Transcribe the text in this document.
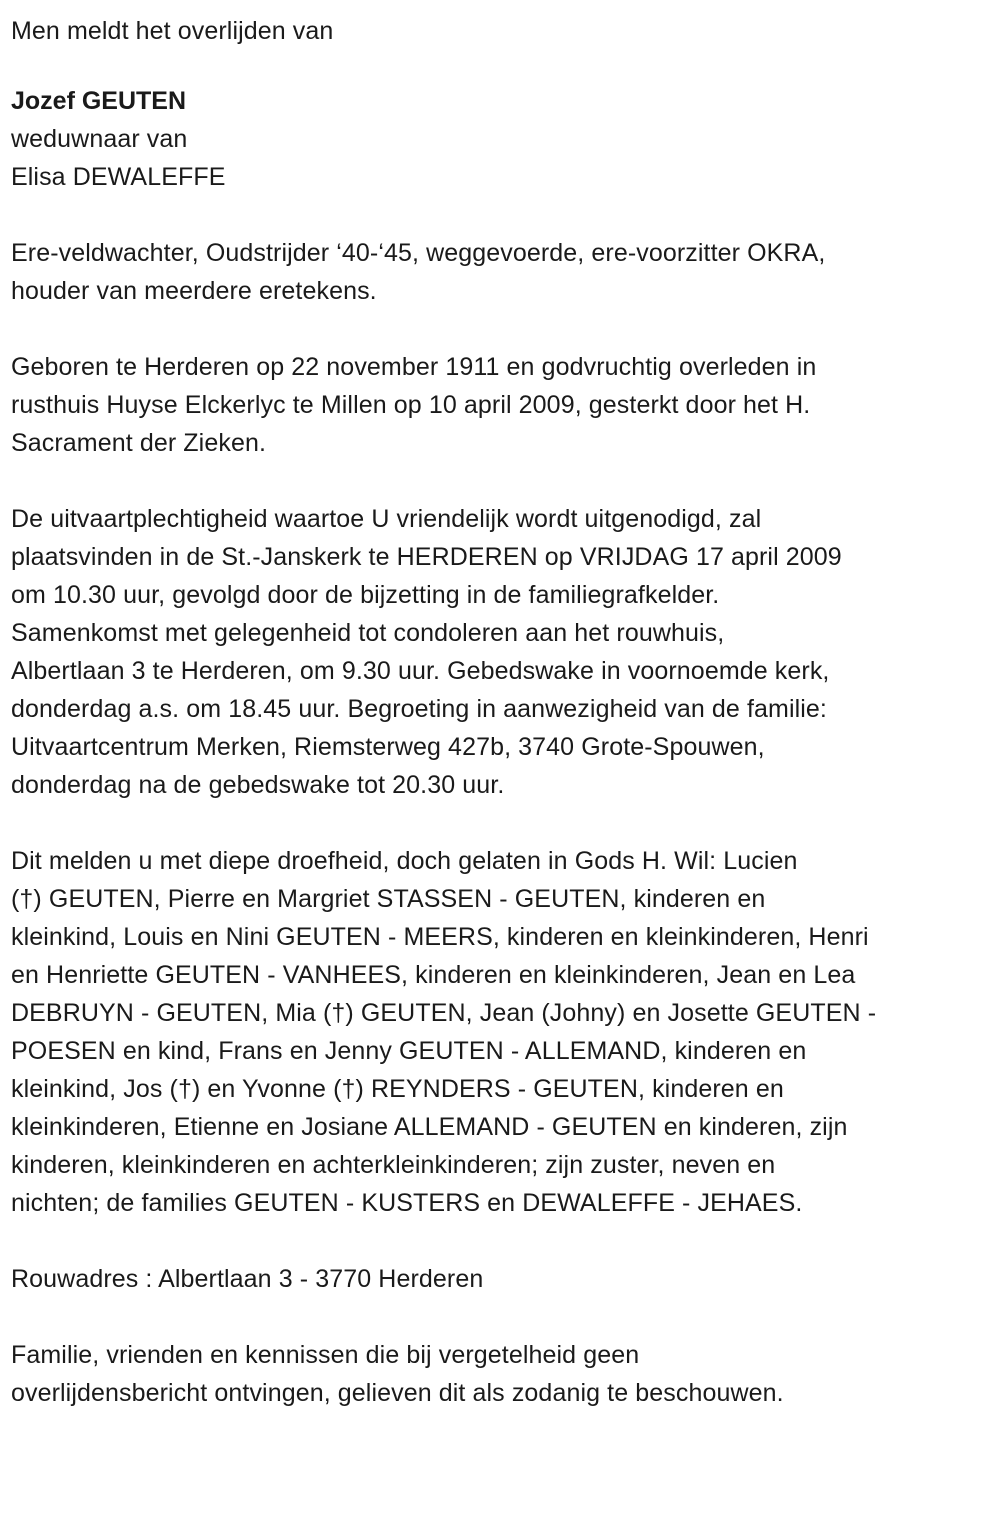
Men meldt het overlijden van
Jozef GEUTEN
weduwnaar van
Elisa DEWALEFFE
Ere-veldwachter, Oudstrijder ‘40-‘45, weggevoerde, ere-voorzitter OKRA,
houder van meerdere eretekens.
Geboren te Herderen op 22 november 1911 en godvruchtig overleden in
rusthuis Huyse Elckerlyc te Millen op 10 april 2009, gesterkt door het H.
Sacrament der Zieken.
De uitvaartplechtigheid waartoe U vriendelijk wordt uitgenodigd, zal
plaatsvinden in de St.-Janskerk te HERDEREN op VRIJDAG 17 april 2009
om 10.30 uur, gevolgd door de bijzetting in de familiegrafkelder.
Samenkomst met gelegenheid tot condoleren aan het rouwhuis,
Albertlaan 3 te Herderen, om 9.30 uur. Gebedswake in voornoemde kerk,
donderdag a.s. om 18.45 uur. Begroeting in aanwezigheid van de familie:
Uitvaartcentrum Merken, Riemsterweg 427b, 3740 Grote-Spouwen,
donderdag na de gebedswake tot 20.30 uur.
Dit melden u met diepe droefheid, doch gelaten in Gods H. Wil: Lucien
(†) GEUTEN, Pierre en Margriet STASSEN - GEUTEN, kinderen en
kleinkind, Louis en Nini GEUTEN - MEERS, kinderen en kleinkinderen, Henri
en Henriette GEUTEN - VANHEES, kinderen en kleinkinderen, Jean en Lea
DEBRUYN - GEUTEN, Mia (†) GEUTEN, Jean (Johny) en Josette GEUTEN -
POESEN en kind, Frans en Jenny GEUTEN - ALLEMAND, kinderen en
kleinkind, Jos (†) en Yvonne (†) REYNDERS - GEUTEN, kinderen en
kleinkinderen, Etienne en Josiane ALLEMAND - GEUTEN en kinderen, zijn
kinderen, kleinkinderen en achterkleinkinderen; zijn zuster, neven en
nichten; de families GEUTEN - KUSTERS en DEWALEFFE - JEHAES.
Rouwadres : Albertlaan 3 - 3770 Herderen
Familie, vrienden en kennissen die bij vergetelheid geen
overlijdensbericht ontvingen, gelieven dit als zodanig te beschouwen.
